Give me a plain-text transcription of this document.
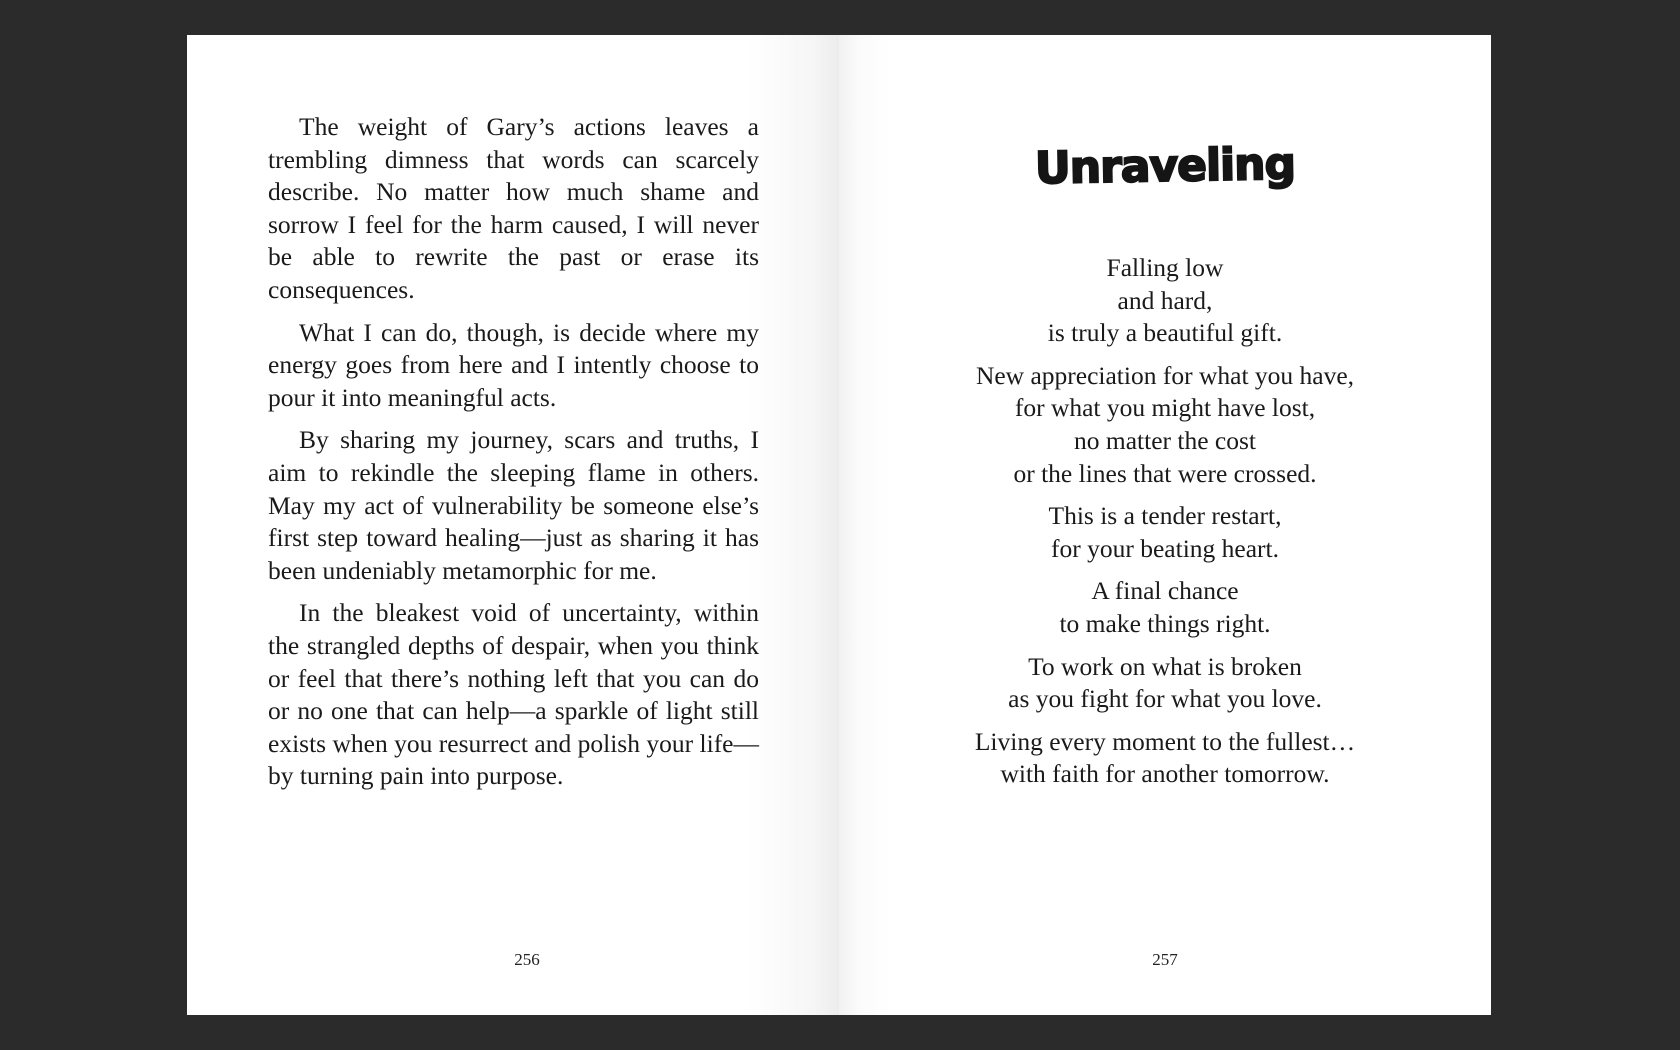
The weight of Gary’s actions leaves a trembling dimness that words can scarcely describe. No matter how much shame and sorrow I feel for the harm caused, I will never be able to rewrite the past or erase its consequences.

What I can do, though, is decide where my energy goes from here and I intently choose to pour it into meaningful acts.

By sharing my journey, scars and truths, I aim to rekindle the sleeping flame in others. May my act of vulnerability be someone else’s first step toward healing—just as sharing it has been undeniably metamorphic for me.

In the bleakest void of uncertainty, within the strangled depths of despair, when you think or feel that there’s nothing left that you can do or no one that can help—a sparkle of light still exists when you resurrect and polish your life—by turning pain into purpose.

256
Unraveling
Falling low
and hard,
is truly a beautiful gift.
New appreciation for what you have,
for what you might have lost,
no matter the cost
or the lines that were crossed.
This is a tender restart,
for your beating heart.
A final chance
to make things right.
To work on what is broken
as you fight for what you love.
Living every moment to the fullest…
with faith for another tomorrow.
257
